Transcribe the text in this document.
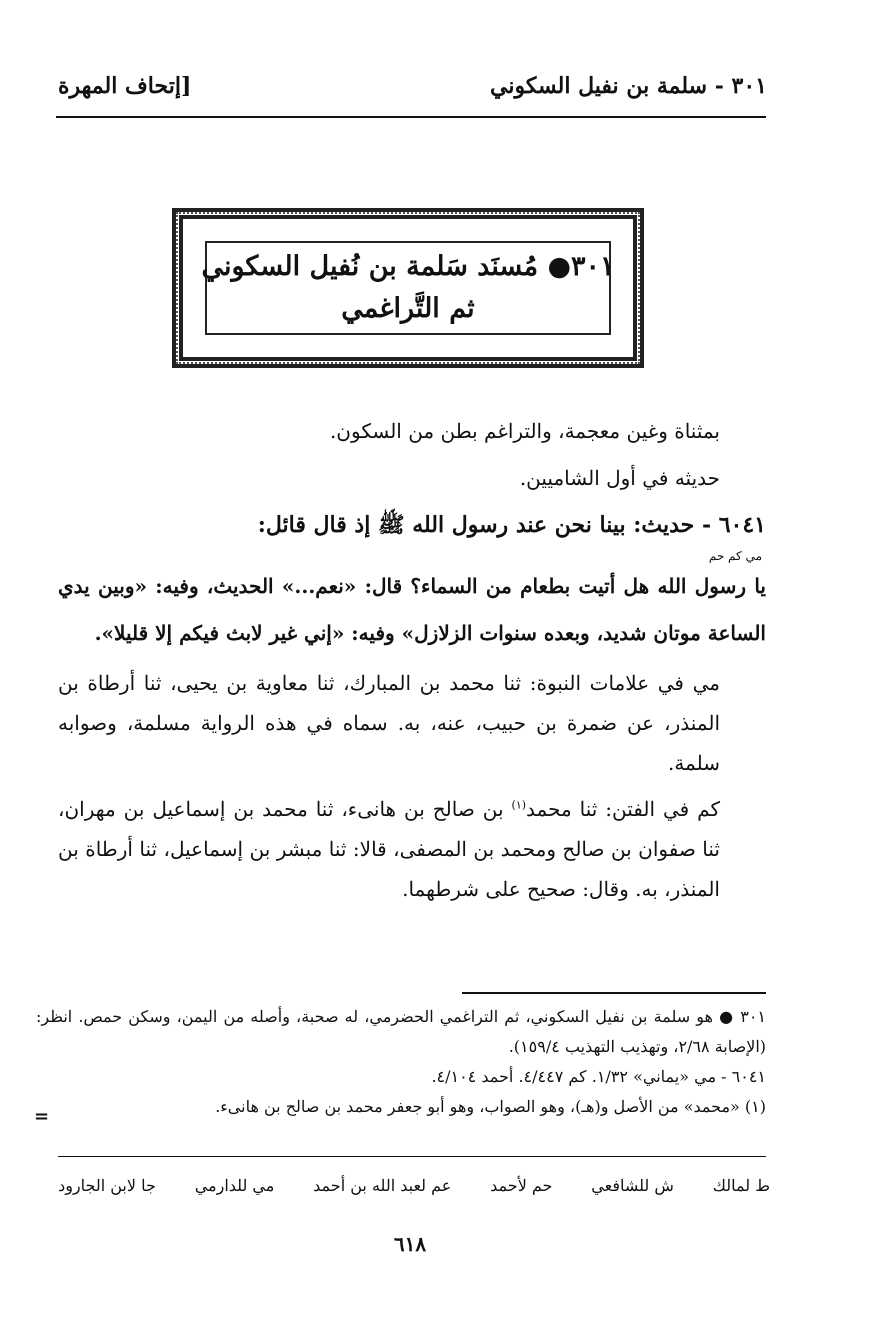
٣٠١ - سلمة بن نفيل السكوني
[إتحاف المهرة
٣٠١● مُسنَد سَلمة بن نُفيل السكوني
ثم التَّراغمي

بمثناة وغين معجمة، والتراغم بطن من السكون.

حديثه في أول الشاميين.

٦٠٤١ - حديث: بينا نحن عند رسول الله ﷺ إذ قال قائل:

مي كم حم

يا رسول الله هل أتيت بطعام من السماء؟ قال: «نعم...» الحديث، وفيه: «وبين يدي الساعة موتان شديد، وبعده سنوات الزلازل» وفيه: «إني غير لابث فيكم إلا قليلا».

مي في علامات النبوة: ثنا محمد بن المبارك، ثنا معاوية بن يحيى، ثنا أرطاة بن المنذر، عن ضمرة بن حبيب، عنه، به. سماه في هذه الرواية مسلمة، وصوابه سلمة.

كم في الفتن: ثنا محمد$^{(١)}$ بن صالح بن هانىء، ثنا محمد بن إسماعيل بن مهران، ثنا صفوان بن صالح ومحمد بن المصفى، قالا: ثنا مبشر بن إسماعيل، ثنا أرطاة بن المنذر، به. وقال: صحيح على شرطهما.

٣٠١ ● هو سلمة بن نفيل السكوني، ثم التراغمي الحضرمي، له صحبة، وأصله من اليمن، وسكن حمص. انظر: (الإصابة ٢/٦٨، وتهذيب التهذيب ١٥٩/٤).

٦٠٤١ - مي «يماني» ١/٣٢. كم ٤/٤٤٧. أحمد ٤/١٠٤.

(١) «محمد» من الأصل و(هـ)، وهو الصواب، وهو أبو جعفر محمد بن صالح بن هانىء.

=
ط لمالك
ش للشافعي
حم لأحمد
عم لعبد الله بن أحمد
مي للدارمي
جا لابن الجارود
٦١٨
